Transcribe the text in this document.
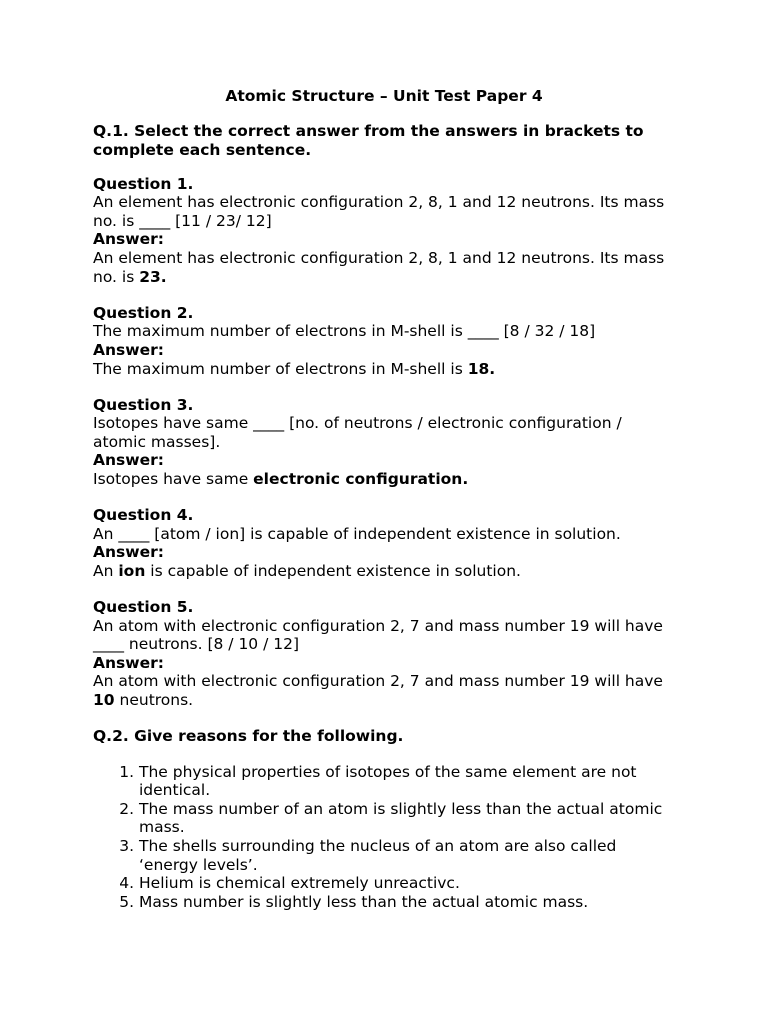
Atomic Structure – Unit Test Paper 4
Q.1. Select the correct answer from the answers in brackets to complete each sentence.
Question 1.
An element has electronic configuration 2, 8, 1 and 12 neutrons. Its mass no. is ____ [11 / 23/ 12]
Answer:
An element has electronic configuration 2, 8, 1 and 12 neutrons. Its mass no. is 23.
Question 2.
The maximum number of electrons in M-shell is ____ [8 / 32 / 18]
Answer:
The maximum number of electrons in M-shell is 18.
Question 3.
Isotopes have same ____ [no. of neutrons / electronic configuration / atomic masses].
Answer:
Isotopes have same electronic configuration.
Question 4.
An ____ [atom / ion] is capable of independent existence in solution.
Answer:
An ion is capable of independent existence in solution.
Question 5.
An atom with electronic configuration 2, 7 and mass number 19 will have ____ neutrons. [8 / 10 / 12]
Answer:
An atom with electronic configuration 2, 7 and mass number 19 will have 10 neutrons.
Q.2. Give reasons for the following.
1. The physical properties of isotopes of the same element are not identical.
2. The mass number of an atom is slightly less than the actual atomic mass.
3. The shells surrounding the nucleus of an atom are also called ‘energy levels’.
4. Helium is chemical extremely unreactivc.
5. Mass number is slightly less than the actual atomic mass.
